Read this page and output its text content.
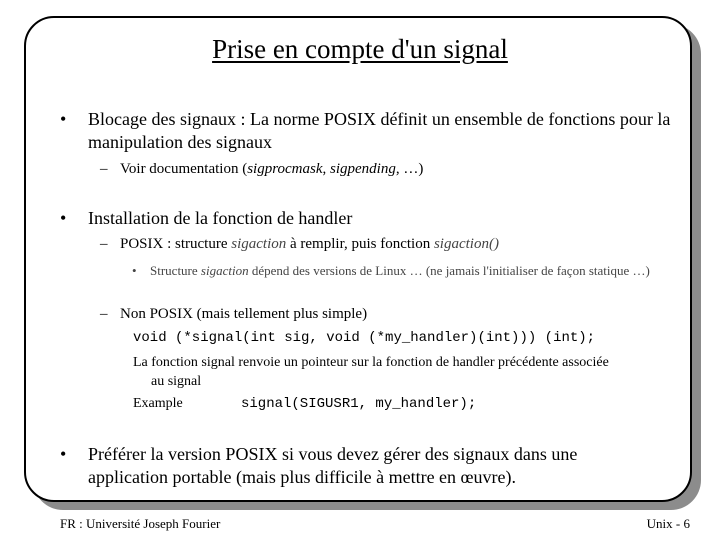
Prise en compte d'un signal
• Blocage des signaux : La norme POSIX définit un ensemble de fonctions pour la manipulation des signaux
– Voir documentation (sigprocmask, sigpending, …)
• Installation de la fonction de handler
– POSIX : structure sigaction à remplir, puis fonction sigaction()
• Structure sigaction dépend des versions de Linux … (ne jamais l'initialiser de façon statique …)
– Non POSIX (mais tellement plus simple)
void (*signal(int sig, void (*my_handler)(int))) (int);
La fonction signal renvoie un pointeur sur la fonction de handler précédente associée
au signal
Example	signal(SIGUSR1, my_handler);
• Préférer la version POSIX si vous devez gérer des signaux dans une application portable (mais plus difficile à mettre en œuvre).
FR : Université Joseph Fourier	Unix - 6
